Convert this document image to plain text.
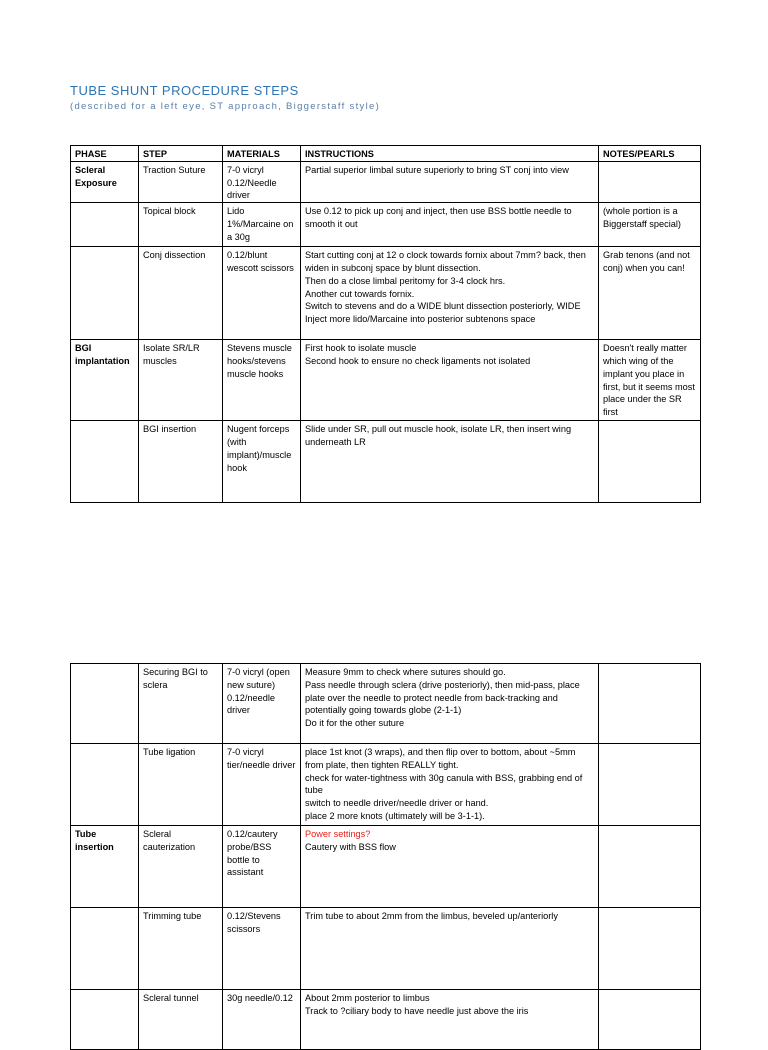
TUBE SHUNT PROCEDURE STEPS
(described for a left eye, ST approach, Biggerstaff style)
PHASE	STEP	MATERIALS	INSTRUCTIONS	NOTES/PEARLS
Scleral Exposure	Traction Suture	7-0 vicryl 0.12/Needle driver	Partial superior limbal suture superiorly to bring ST conj into view	

	Topical block	Lido 1%/Marcaine on a 30g	Use 0.12 to pick up conj and inject, then use BSS bottle needle to smooth it out	(whole portion is a Biggerstaff special)
	Conj dissection	0.12/blunt wescott scissors	Start cutting conj at 12 o clock towards fornix about 7mm? back, then widen in subconj space by blunt dissection.
Then do a close limbal peritomy for 3-4 clock hrs.
Another cut towards fornix.
Switch to stevens and do a WIDE blunt dissection posteriorly, WIDE
Inject more lido/Marcaine into posterior subtenons space	Grab tenons (and not conj) when you can!
BGI implantation	Isolate SR/LR muscles	Stevens muscle hooks/stevens muscle hooks	First hook to isolate muscle
Second hook to ensure no check ligaments not isolated	Doesn't really matter which wing of the implant you place in first, but it seems most place under the SR first
	BGI insertion	Nugent forceps (with implant)/muscle hook	Slide under SR, pull out muscle hook, isolate LR, then insert wing underneath LR	

	Securing BGI to sclera	7-0 vicryl (open new suture) 0.12/needle driver	Measure 9mm to check where sutures should go.
Pass needle through sclera (drive posteriorly), then mid-pass, place plate over the needle to protect needle from back-tracking and potentially going towards globe (2-1-1)
Do it for the other suture	

	Tube ligation	7-0 vicryl tier/needle driver	place 1st knot (3 wraps), and then flip over to bottom, about ~5mm from plate, then tighten REALLY tight.
check for water-tightness with 30g canula with BSS, grabbing end of tube
switch to needle driver/needle driver or hand.
place 2 more knots (ultimately will be 3-1-1).	

Tube insertion	Scleral cauterization	0.12/cautery probe/BSS bottle to assistant	Power settings?
Cautery with BSS flow	

	Trimming tube	0.12/Stevens scissors	Trim tube to about 2mm from the limbus, beveled up/anteriorly	

	Scleral tunnel	30g needle/0.12	About 2mm posterior to limbus
Track to ?ciliary body to have needle just above the iris	
